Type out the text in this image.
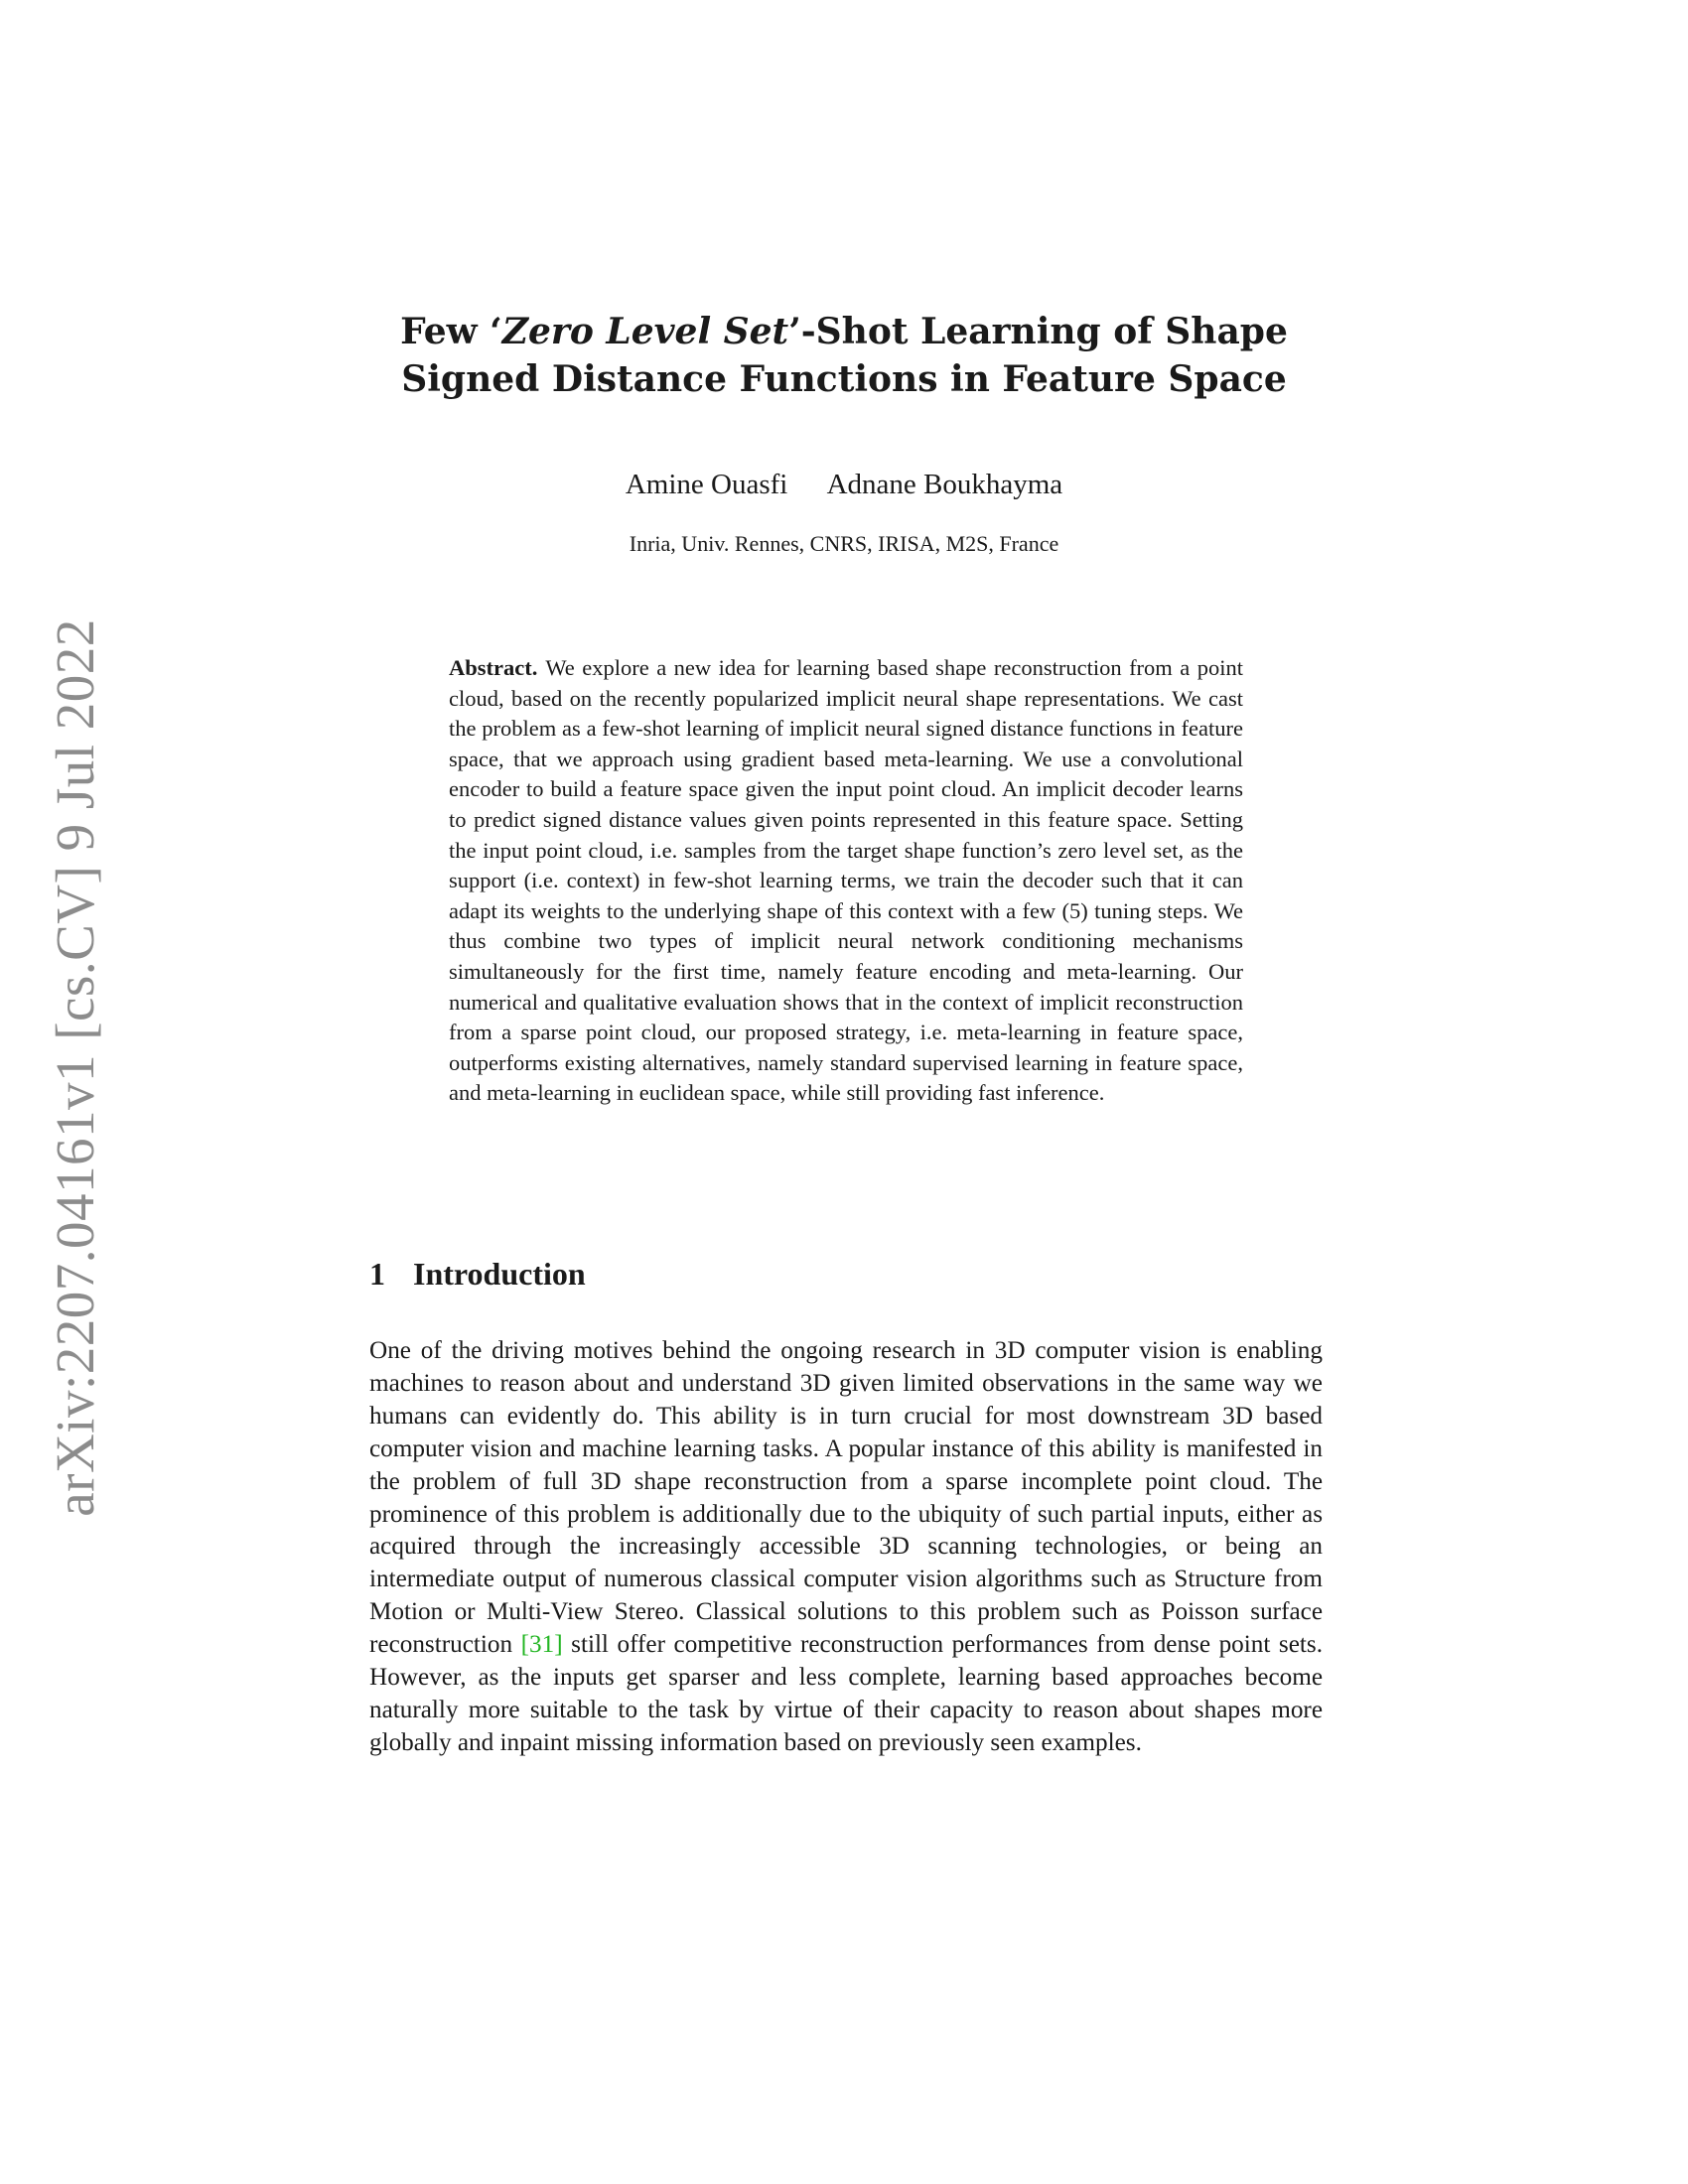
arXiv:2207.04161v1 [cs.CV] 9 Jul 2022
Few ‘Zero Level Set’-Shot Learning of Shape
Signed Distance Functions in Feature Space
Amine Ouasfi Adnane Boukhayma
Inria, Univ. Rennes, CNRS, IRISA, M2S, France
Abstract. We explore a new idea for learning based shape reconstruction from a point cloud, based on the recently popularized implicit neural shape representations. We cast the problem as a few-shot learning of implicit neural signed distance functions in feature space, that we approach using gradient based meta-learning. We use a convolutional encoder to build a feature space given the input point cloud. An implicit decoder learns to predict signed distance values given points represented in this feature space. Setting the input point cloud, i.e. samples from the target shape function’s zero level set, as the support (i.e. context) in few-shot learning terms, we train the decoder such that it can adapt its weights to the underlying shape of this context with a few (5) tuning steps. We thus combine two types of implicit neural network conditioning mechanisms simultaneously for the first time, namely feature encoding and meta-learning. Our numerical and qualitative evaluation shows that in the context of implicit reconstruction from a sparse point cloud, our proposed strategy, i.e. meta-learning in feature space, outperforms existing alternatives, namely standard supervised learning in feature space, and meta-learning in euclidean space, while still providing fast inference.
1 Introduction
One of the driving motives behind the ongoing research in 3D computer vision is enabling machines to reason about and understand 3D given limited observations in the same way we humans can evidently do. This ability is in turn crucial for most downstream 3D based computer vision and machine learning tasks. A popular instance of this ability is manifested in the problem of full 3D shape reconstruction from a sparse incomplete point cloud. The prominence of this problem is additionally due to the ubiquity of such partial inputs, either as acquired through the increasingly accessible 3D scanning technologies, or being an intermediate output of numerous classical computer vision algorithms such as Structure from Motion or Multi-View Stereo. Classical solutions to this problem such as Poisson surface reconstruction [31] still offer competitive reconstruction performances from dense point sets. However, as the inputs get sparser and less complete, learning based approaches become naturally more suitable to the task by virtue of their capacity to reason about shapes more globally and inpaint missing information based on previously seen examples.
